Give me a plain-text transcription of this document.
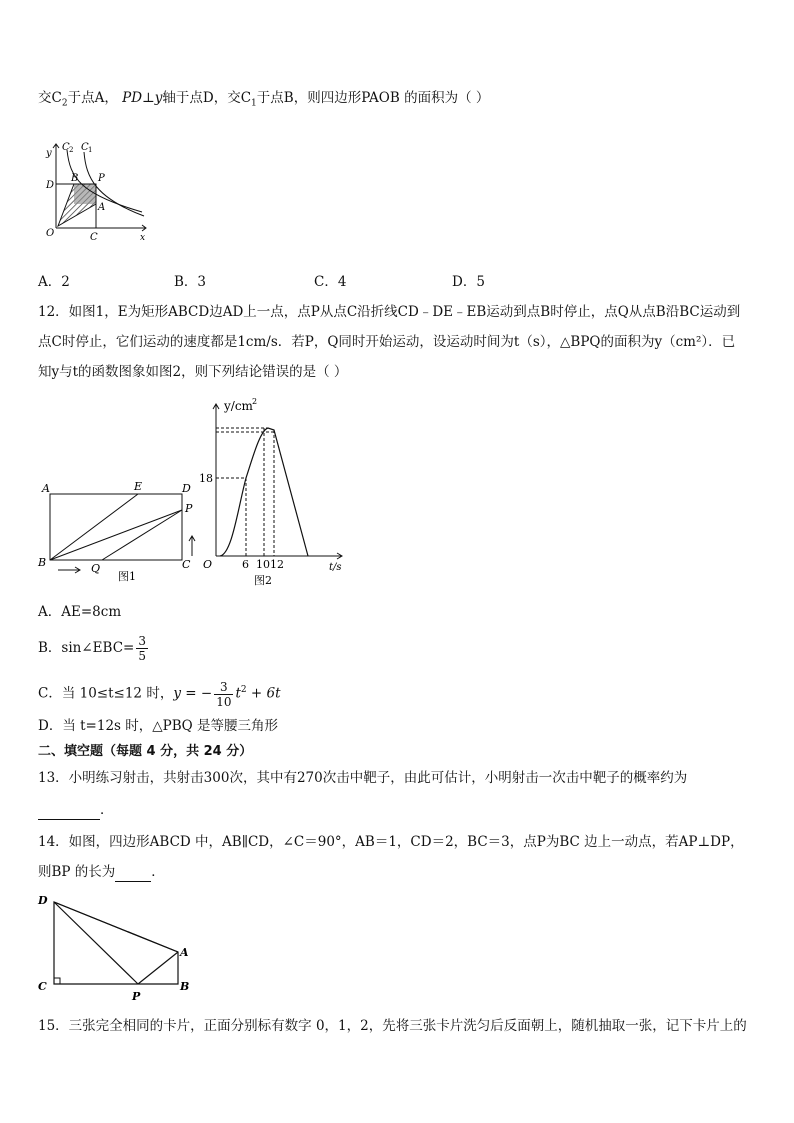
交$C_2$于点A， PD⊥y轴于点D，交$C_1$于点B，则四边形PAOB 的面积为（ ）
y
C 2 C 1
D
B P
A
O	C	x
A．2	B．3	C．4	D．5
12．如图1，E为矩形ABCD边AD上一点，点P从点C沿折线CD﹣DE﹣EB运动到点B时停止，点Q从点B沿BC运动到
点C时停止，它们运动的速度都是1cm/s．若P，Q同时开始运动，设运动时间为t（s），△BPQ的面积为y（cm²）．已
知y与t的函数图象如图2，则下列结论错误的是（ ）
A	E	D
P
B	Q	C
图1
y/cm 2
18
O	6 10 12	t/s
图2
A．AE=8cm
B．sin∠EBC= $\frac{3}{5}$
C．当 10≤t≤12 时，y = − $\frac{3}{10} t^2 + 6t$
D．当 t=12s 时，△PBQ 是等腰三角形
二、填空题（每题 4 分，共 24 分）
13．小明练习射击，共射击300次，其中有270次击中靶子，由此可估计，小明射击一次击中靶子的概率约为
．
14．如图，四边形ABCD 中，AB∥CD，∠C＝90°，AB＝1，CD＝2，BC＝3，点P为BC 边上一动点，若AP⊥DP，
则BP 的长为	．
D
A
C
P
B
15．三张完全相同的卡片，正面分别标有数字 0，1，2，先将三张卡片洗匀后反面朝上，随机抽取一张，记下卡片上的
